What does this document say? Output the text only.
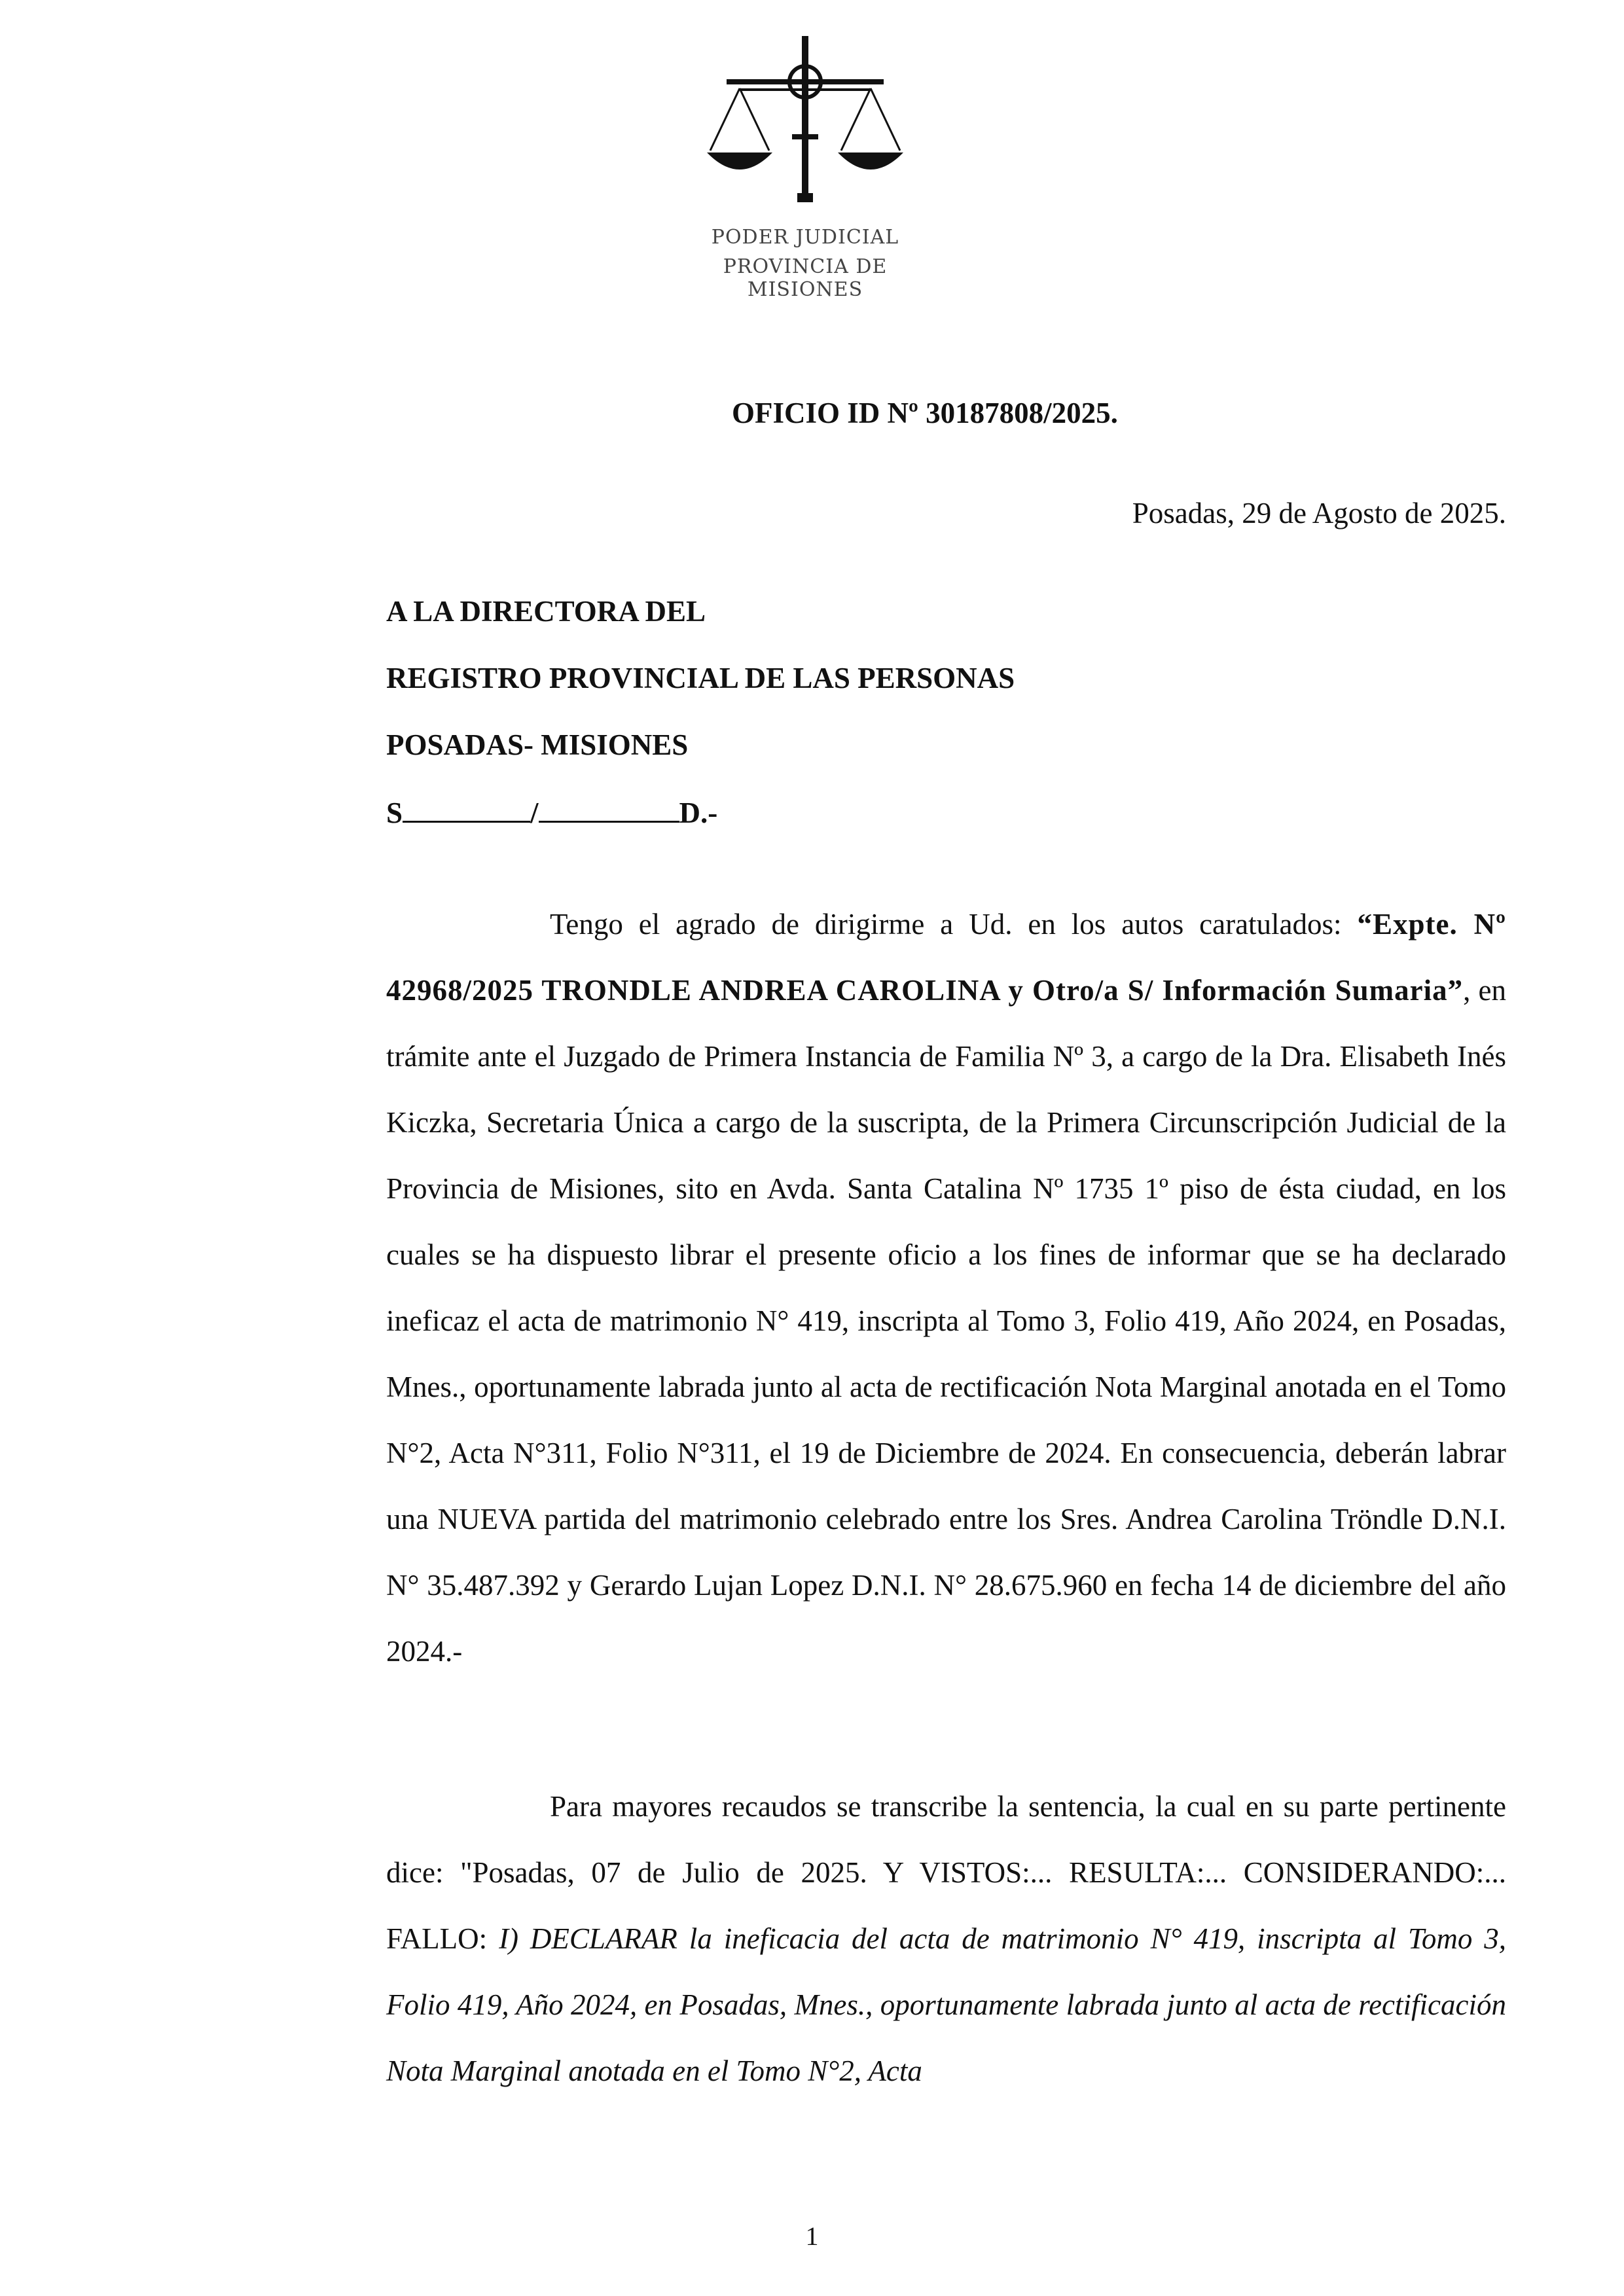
PODER JUDICIAL
PROVINCIA DE MISIONES
OFICIO ID Nº 30187808/2025.
Posadas, 29 de Agosto de 2025.
A LA DIRECTORA DEL
REGISTRO PROVINCIAL DE LAS PERSONAS
POSADAS- MISIONES
S	/	D.-
Tengo el agrado de dirigirme a Ud. en los autos caratulados: “Expte. Nº 42968/2025 TRONDLE ANDREA CAROLINA y Otro/a S/ Información Sumaria”, en trámite ante el Juzgado de Primera Instancia de Familia Nº 3, a cargo de la Dra. Elisabeth Inés Kiczka, Secretaria Única a cargo de la suscripta, de la Primera Circunscripción Judicial de la Provincia de Misiones, sito en Avda. Santa Catalina Nº 1735 1º piso de ésta ciudad, en los cuales se ha dispuesto librar el presente oficio a los fines de informar que se ha declarado ineficaz el acta de matrimonio N° 419, inscripta al Tomo 3, Folio 419, Año 2024, en Posadas, Mnes., oportunamente labrada junto al acta de rectificación Nota Marginal anotada en el Tomo N°2, Acta N°311, Folio N°311, el 19 de Diciembre de 2024. En consecuencia, deberán labrar una NUEVA partida del matrimonio celebrado entre los Sres. Andrea Carolina Tröndle D.N.I. N° 35.487.392 y Gerardo Lujan Lopez D.N.I. N° 28.675.960 en fecha 14 de diciembre del año 2024.-
Para mayores recaudos se transcribe la sentencia, la cual en su parte pertinente dice: "Posadas, 07 de Julio de 2025. Y VISTOS:... RESULTA:... CONSIDERANDO:... FALLO: I) DECLARAR la ineficacia del acta de matrimonio N° 419, inscripta al Tomo 3, Folio 419, Año 2024, en Posadas, Mnes., oportunamente labrada junto al acta de rectificación Nota Marginal anotada en el Tomo N°2, Acta
1
